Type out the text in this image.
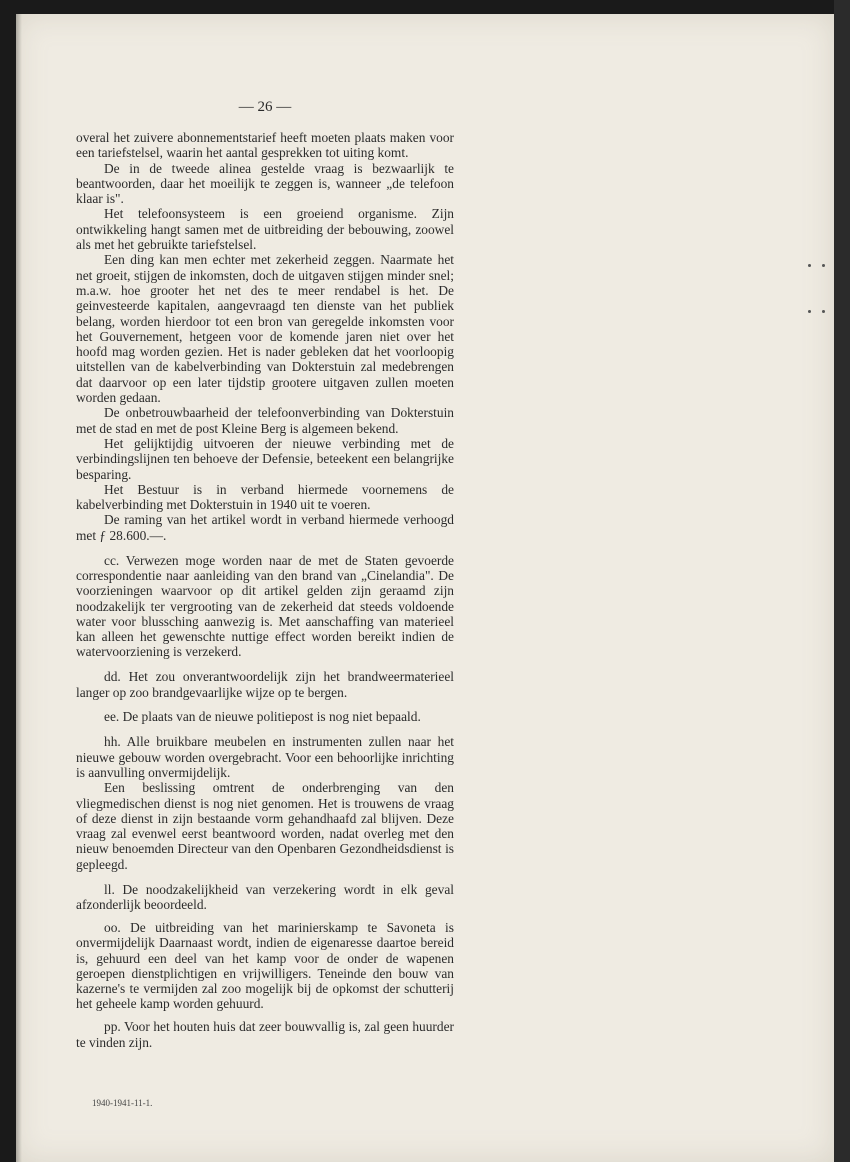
— 26 —

overal het zuivere abonnementstarief heeft moeten plaats maken voor een tariefstelsel, waarin het aantal gesprekken tot uiting komt.

De in de tweede alinea gestelde vraag is bezwaarlijk te beantwoorden, daar het moeilijk te zeggen is, wanneer „de telefoon klaar is".

Het telefoonsysteem is een groeiend organisme. Zijn ontwikkeling hangt samen met de uitbreiding der bebouwing, zoowel als met het gebruikte tariefstelsel.

Een ding kan men echter met zekerheid zeggen. Naarmate het net groeit, stijgen de inkomsten, doch de uitgaven stijgen minder snel; m.a.w. hoe grooter het net des te meer rendabel is het. De geinvesteerde kapitalen, aangevraagd ten dienste van het publiek belang, worden hierdoor tot een bron van geregelde inkomsten voor het Gouvernement, hetgeen voor de komende jaren niet over het hoofd mag worden gezien. Het is nader gebleken dat het voorloopig uitstellen van de kabelverbinding van Dokterstuin zal medebrengen dat daarvoor op een later tijdstip grootere uitgaven zullen moeten worden gedaan.

De onbetrouwbaarheid der telefoonverbinding van Dokterstuin met de stad en met de post Kleine Berg is algemeen bekend.

Het gelijktijdig uitvoeren der nieuwe verbinding met de verbindingslijnen ten behoeve der Defensie, beteekent een belangrijke besparing.

Het Bestuur is in verband hiermede voornemens de kabelverbinding met Dokterstuin in 1940 uit te voeren.

De raming van het artikel wordt in verband hiermede verhoogd met ƒ 28.600.—.

cc. Verwezen moge worden naar de met de Staten gevoerde correspondentie naar aanleiding van den brand van „Cinelandia". De voorzieningen waarvoor op dit artikel gelden zijn geraamd zijn noodzakelijk ter vergrooting van de zekerheid dat steeds voldoende water voor blussching aanwezig is. Met aanschaffing van materieel kan alleen het gewenschte nuttige effect worden bereikt indien de watervoorziening is verzekerd.

dd. Het zou onverantwoordelijk zijn het brandweermaterieel langer op zoo brandgevaarlijke wijze op te bergen.

ee. De plaats van de nieuwe politiepost is nog niet bepaald.

hh. Alle bruikbare meubelen en instrumenten zullen naar het nieuwe gebouw worden overgebracht. Voor een behoorlijke inrichting is aanvulling onvermijdelijk.

Een beslissing omtrent de onderbrenging van den vliegmedischen dienst is nog niet genomen. Het is trouwens de vraag of deze dienst in zijn bestaande vorm gehandhaafd zal blijven. Deze vraag zal evenwel eerst beantwoord worden, nadat overleg met den nieuw benoemden Directeur van den Openbaren Gezondheidsdienst is gepleegd.

ll. De noodzakelijkheid van verzekering wordt in elk geval afzonderlijk beoordeeld.

oo. De uitbreiding van het marinierskamp te Savoneta is onvermijdelijk Daarnaast wordt, indien de eigenaresse daartoe bereid is, gehuurd een deel van het kamp voor de onder de wapenen geroepen dienstplichtigen en vrijwilligers. Teneinde den bouw van kazerne's te vermijden zal zoo mogelijk bij de opkomst der schutterij het geheele kamp worden gehuurd.

pp. Voor het houten huis dat zeer bouwvallig is, zal geen huurder te vinden zijn.

1940-1941-11-1.
